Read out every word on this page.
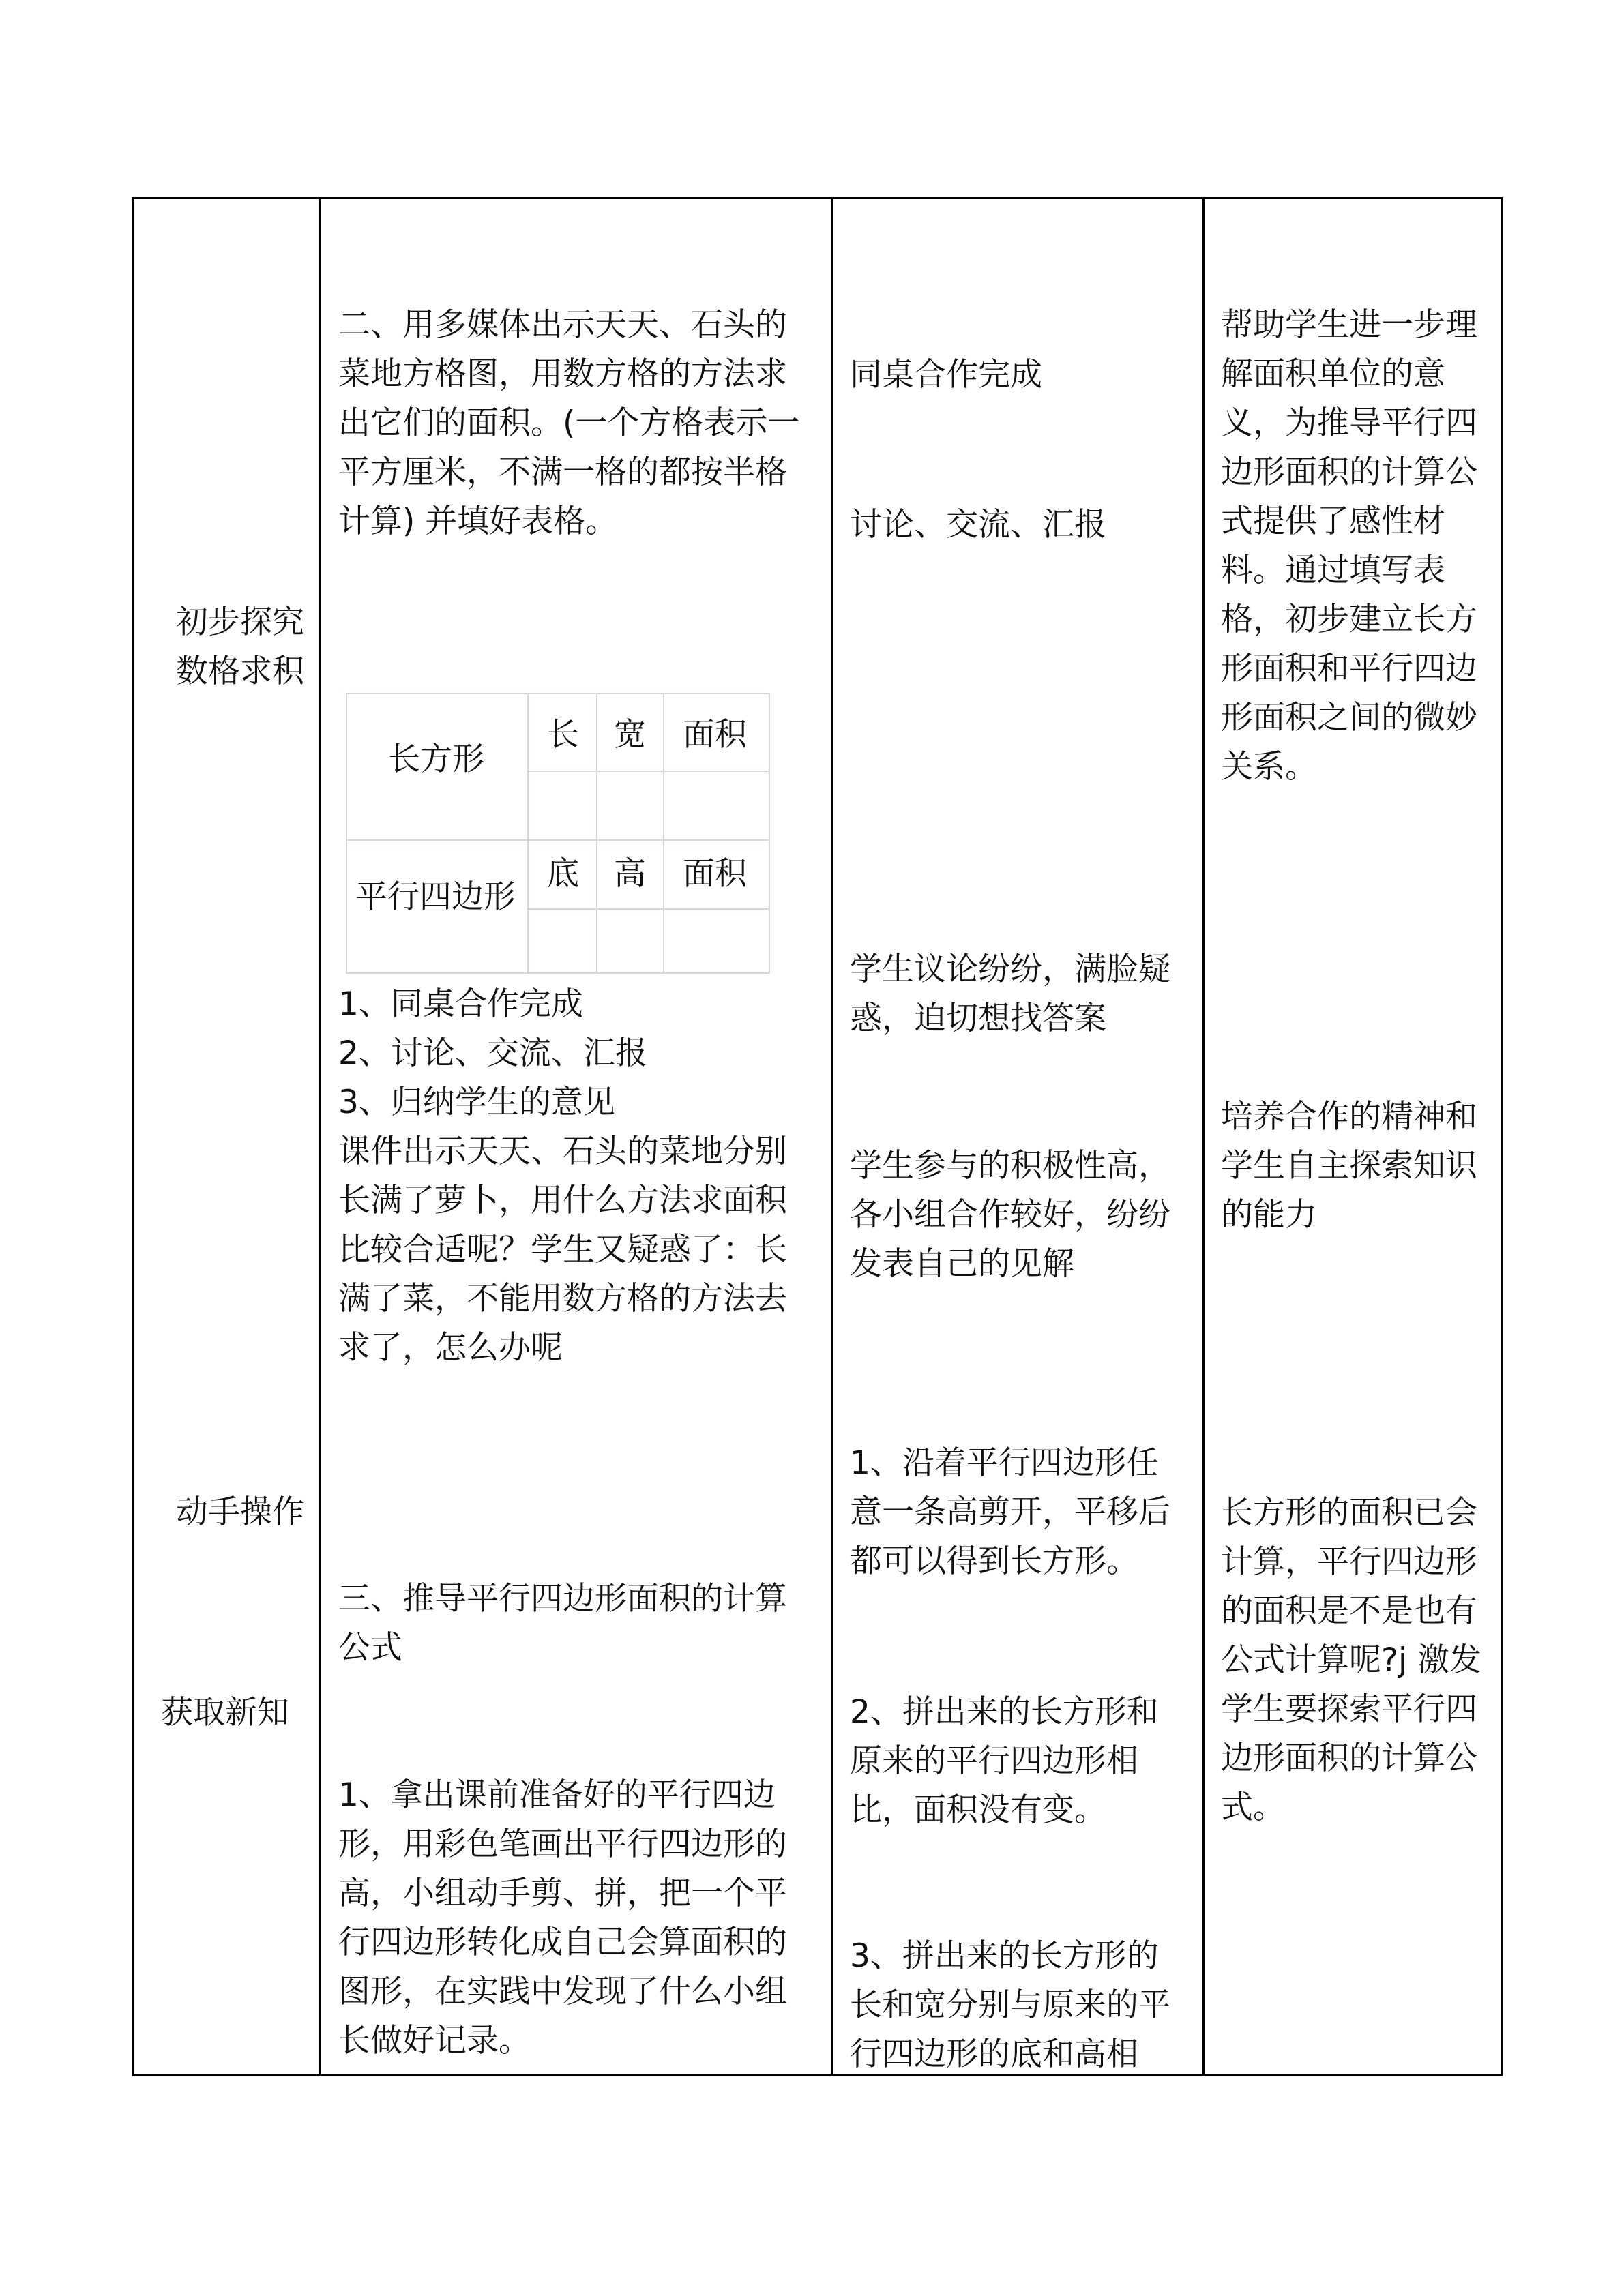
初步探究
数格求积
动手操作
获取新知
二、用多媒体出示天天、石头的
菜地方格图，用数方格的方法求
出它们的面积。(一个方格表示一
平方厘米，不满一格的都按半格
计算) 并填好表格。
长方形
长 宽 面积
平行四边形
底 高 面积
1、同桌合作完成
2、讨论、交流、汇报
3、归纳学生的意见
课件出示天天、石头的菜地分别
长满了萝卜，用什么方法求面积
比较合适呢？学生又疑惑了：长
满了菜，不能用数方格的方法去
求了，怎么办呢
三、推导平行四边形面积的计算
公式
1、拿出课前准备好的平行四边
形，用彩色笔画出平行四边形的
高，小组动手剪、拼，把一个平
行四边形转化成自己会算面积的
图形，在实践中发现了什么小组
长做好记录。
同桌合作完成
讨论、交流、汇报
学生议论纷纷，满脸疑
惑，迫切想找答案
学生参与的积极性高，
各小组合作较好，纷纷
发表自己的见解
1、沿着平行四边形任
意一条高剪开，平移后
都可以得到长方形。
2、拼出来的长方形和
原来的平行四边形相
比，面积没有变。
3、拼出来的长方形的
长和宽分别与原来的平
行四边形的底和高相
帮助学生进一步理
解面积单位的意
义，为推导平行四
边形面积的计算公
式提供了感性材
料。通过填写表
格，初步建立长方
形面积和平行四边
形面积之间的微妙
关系。
培养合作的精神和
学生自主探索知识
的能力
长方形的面积已会
计算，平行四边形
的面积是不是也有
公式计算呢?j 激发
学生要探索平行四
边形面积的计算公
式。
